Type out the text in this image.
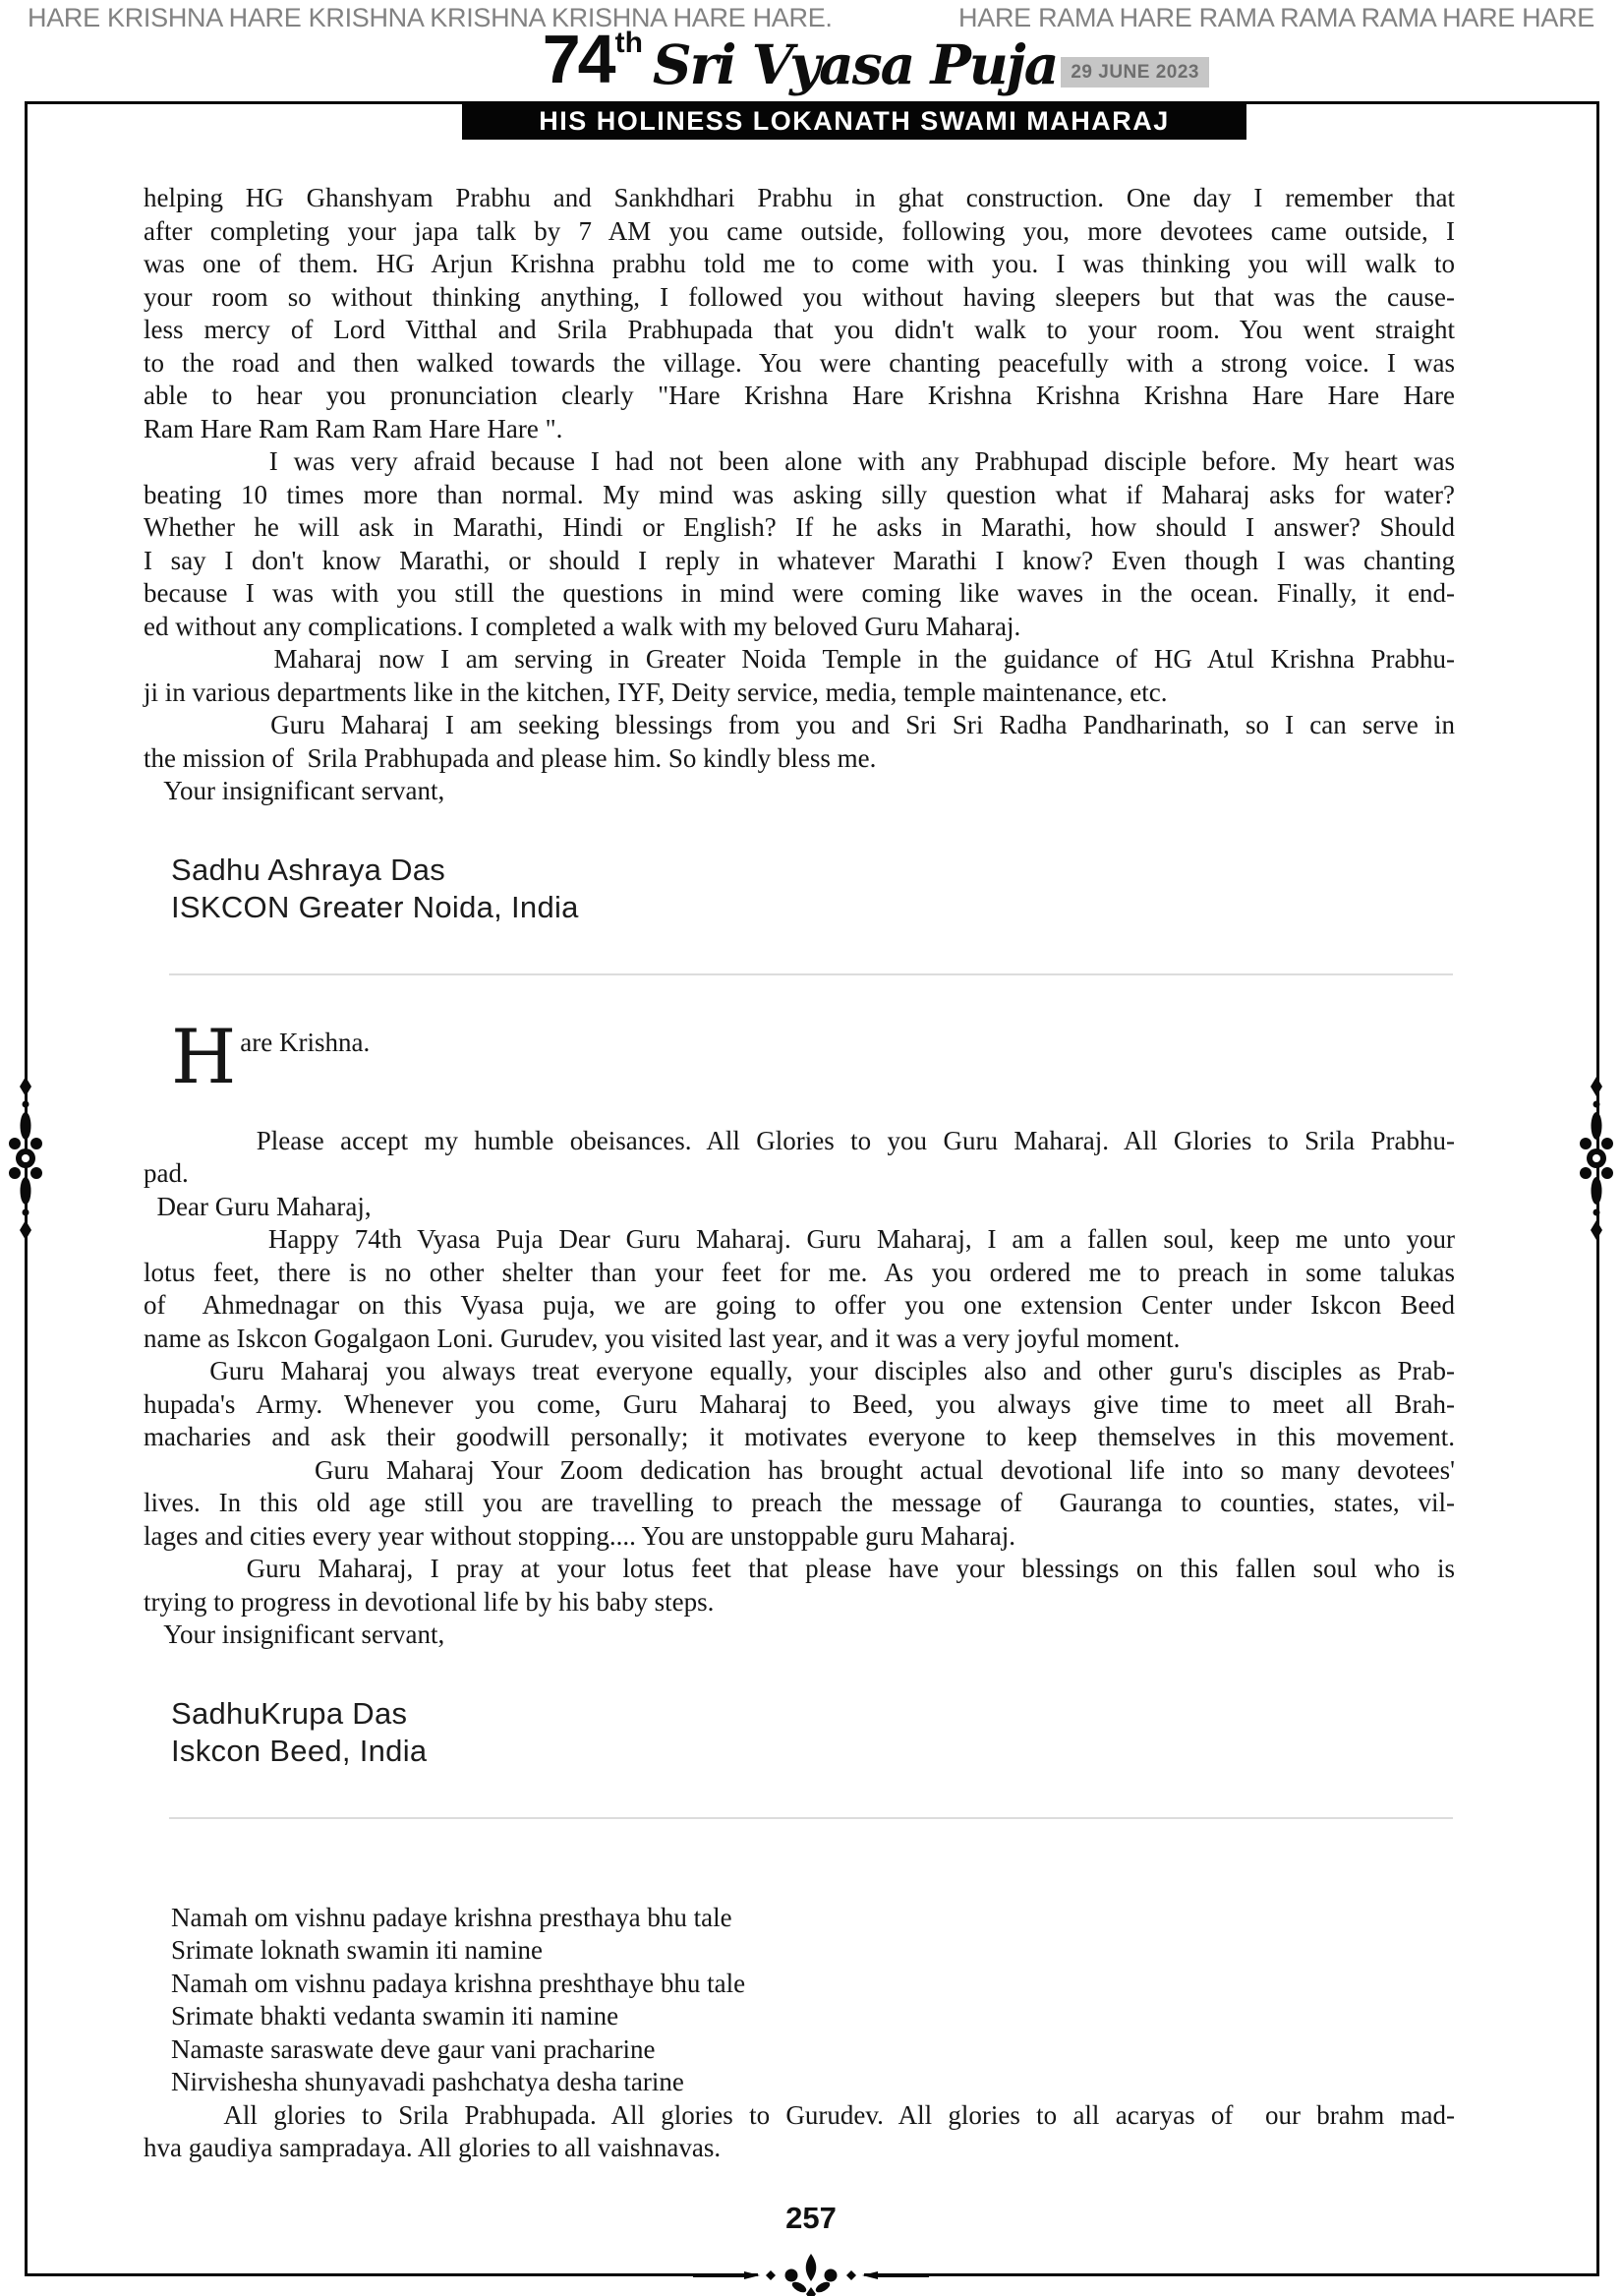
HARE KRISHNA HARE KRISHNA KRISHNA KRISHNA HARE HARE.	HARE RAMA HARE RAMA RAMA RAMA HARE HARE
74 th Sri Vyasa Puja 29 JUNE 2023
HIS HOLINESS LOKANATH SWAMI MAHARAJ
helping HG Ghanshyam Prabhu and Sankhdhari Prabhu in ghat construction. One day I remember that
after completing your japa talk by 7 AM you came outside, following you, more devotees came outside, I
was one of them. HG Arjun Krishna prabhu told me to come with you. I was thinking you will walk to
your room so without thinking anything, I followed you without having sleepers but that was the cause-
less mercy of Lord Vitthal and Srila Prabhupada that you didn't walk to your room. You went straight
to the road and then walked towards the village. You were chanting peacefully with a strong voice. I was
able to hear you pronunciation clearly "Hare Krishna Hare Krishna Krishna Krishna Hare Hare Hare
Ram Hare Ram Ram Ram Hare Hare ".
I was very afraid because I had not been alone with any Prabhupad disciple before. My heart was
beating 10 times more than normal. My mind was asking silly question what if Maharaj asks for water?
Whether he will ask in Marathi, Hindi or English? If he asks in Marathi, how should I answer? Should
I say I don't know Marathi, or should I reply in whatever Marathi I know? Even though I was chanting
because I was with you still the questions in mind were coming like waves in the ocean. Finally, it end-
ed without any complications. I completed a walk with my beloved Guru Maharaj.
Maharaj now I am serving in Greater Noida Temple in the guidance of HG Atul Krishna Prabhu-
ji in various departments like in the kitchen, IYF, Deity service, media, temple maintenance, etc.
Guru Maharaj I am seeking blessings from you and Sri Sri Radha Pandharinath, so I can serve in
the mission of  Srila Prabhupada and please him. So kindly bless me.
Your insignificant servant,
Sadhu Ashraya Das
ISKCON Greater Noida, India
H are Krishna.
Please accept my humble obeisances. All Glories to you Guru Maharaj. All Glories to Srila Prabhu-
pad.
Dear Guru Maharaj,
Happy 74th Vyasa Puja Dear Guru Maharaj. Guru Maharaj, I am a fallen soul, keep me unto your
lotus feet, there is no other shelter than your feet for me. As you ordered me to preach in some talukas
of  Ahmednagar on this Vyasa puja, we are going to offer you one extension Center under Iskcon Beed
name as Iskcon Gogalgaon Loni. Gurudev, you visited last year, and it was a very joyful moment.
Guru Maharaj you always treat everyone equally, your disciples also and other guru's disciples as Prab-
hupada's Army. Whenever you come, Guru Maharaj to Beed, you always give time to meet all Brah-
macharies and ask their goodwill personally; it motivates everyone to keep themselves in this movement.
Guru Maharaj Your Zoom dedication has brought actual devotional life into so many devotees'
lives. In this old age still you are travelling to preach the message of  Gauranga to counties, states, vil-
lages and cities every year without stopping.... You are unstoppable guru Maharaj.
Guru Maharaj, I pray at your lotus feet that please have your blessings on this fallen soul who is
trying to progress in devotional life by his baby steps.
Your insignificant servant,
SadhuKrupa Das
Iskcon Beed, India
Namah om vishnu padaye krishna presthaya bhu tale
Srimate loknath swamin iti namine
Namah om vishnu padaya krishna preshthaye bhu tale
Srimate bhakti vedanta swamin iti namine
Namaste saraswate deve gaur vani pracharine
Nirvishesha shunyavadi pashchatya desha tarine
All glories to Srila Prabhupada. All glories to Gurudev. All glories to all acaryas of  our brahm mad-
hva gaudiya sampradaya. All glories to all vaishnavas.
257
